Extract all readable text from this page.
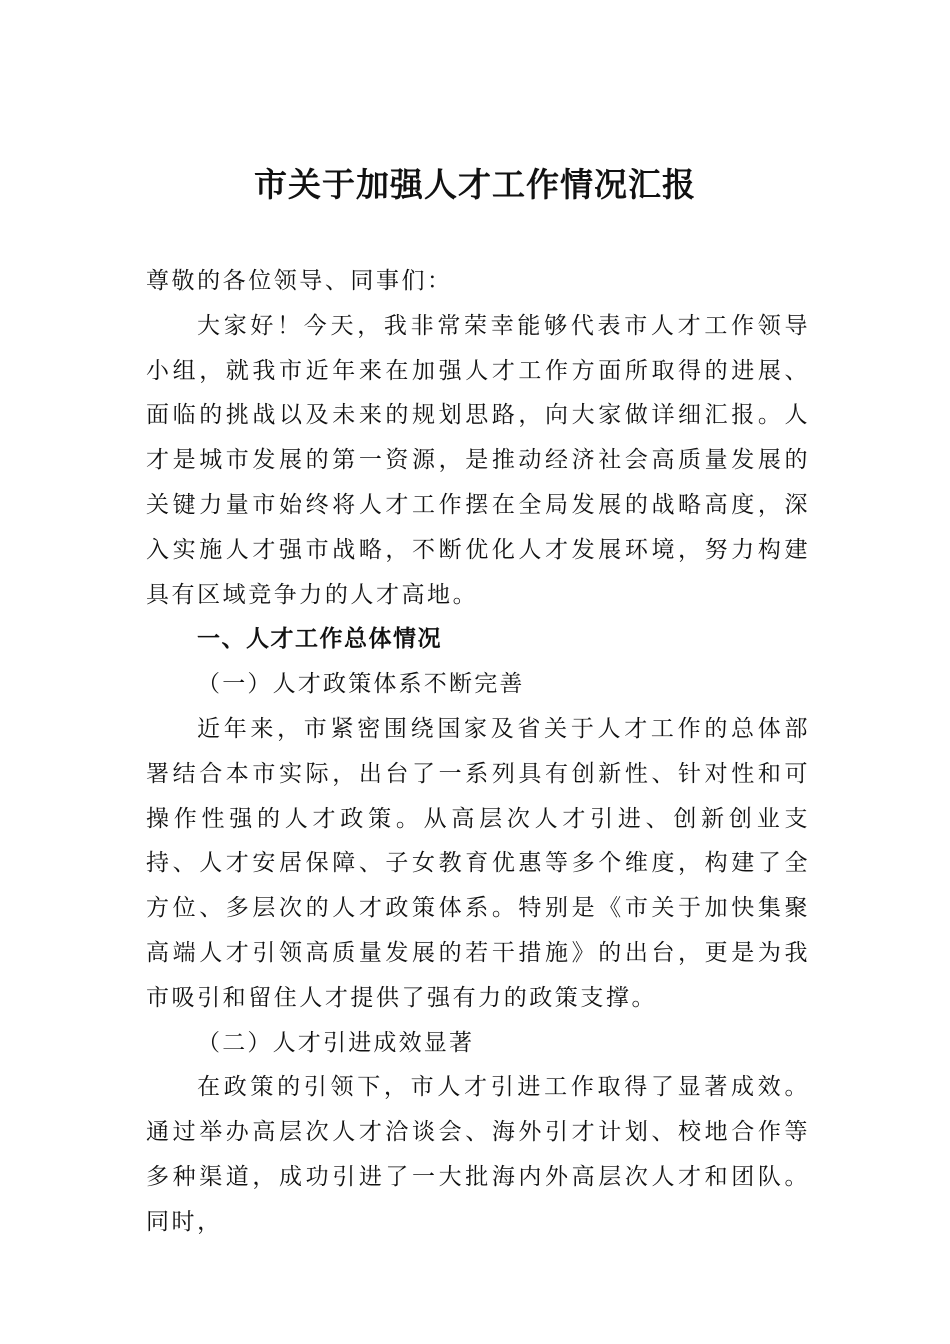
市关于加强人才工作情况汇报

尊敬的各位领导、同事们：

大家好！今天，我非常荣幸能够代表市人才工作领导小组，就我市近年来在加强人才工作方面所取得的进展、面临的挑战以及未来的规划思路，向大家做详细汇报。人才是城市发展的第一资源，是推动经济社会高质量发展的关键力量市始终将人才工作摆在全局发展的战略高度，深入实施人才强市战略，不断优化人才发展环境，努力构建具有区域竞争力的人才高地。

一、人才工作总体情况

（一）人才政策体系不断完善

近年来，市紧密围绕国家及省关于人才工作的总体部署结合本市实际，出台了一系列具有创新性、针对性和可操作性强的人才政策。从高层次人才引进、创新创业支持、人才安居保障、子女教育优惠等多个维度，构建了全方位、多层次的人才政策体系。特别是《市关于加快集聚高端人才引领高质量发展的若干措施》的出台，更是为我市吸引和留住人才提供了强有力的政策支撑。

（二）人才引进成效显著

在政策的引领下，市人才引进工作取得了显著成效。通过举办高层次人才洽谈会、海外引才计划、校地合作等多种渠道，成功引进了一大批海内外高层次人才和团队。同时，
